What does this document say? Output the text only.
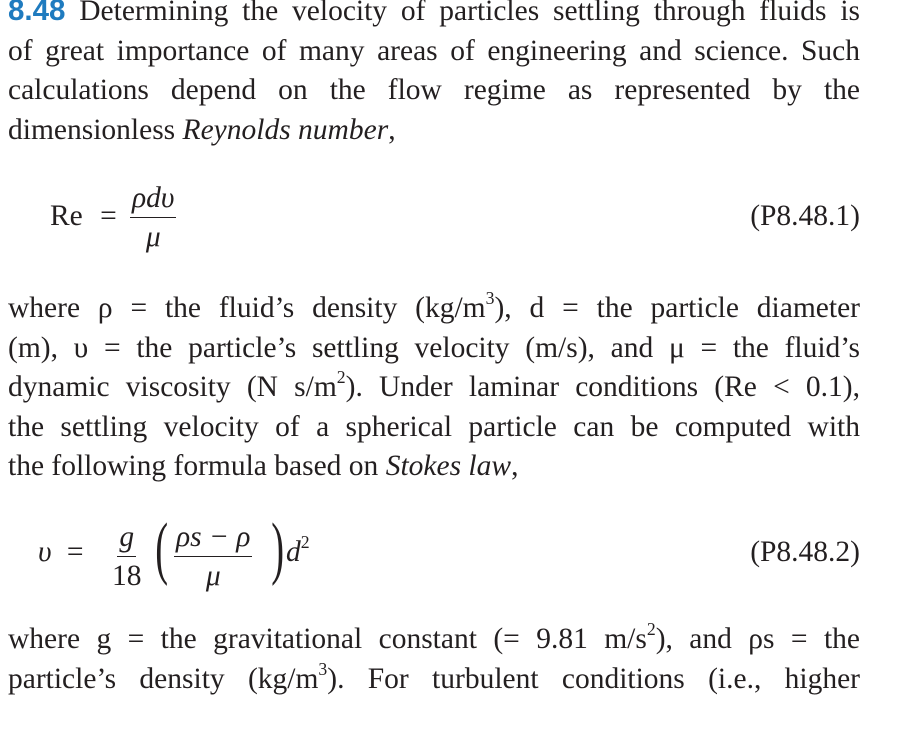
8.48 Determining the velocity of particles settling through fluids is
of great importance of many areas of engineering and science. Such
calculations depend on the flow regime as represented by the
dimensionless Reynolds number,
Re =
ρdυ
μ
(P8.48.1)
where ρ = the fluid’s density $(kg/m^3)$, d = the particle diameter
(m), υ = the particle’s settling velocity (m/s), and μ = the fluid’s
dynamic viscosity (N $s/m^2$). Under laminar conditions (Re < 0.1),
the settling velocity of a spherical particle can be computed with
the following formula based on Stokes law,
$\upsilon = \frac{g}{18}$ ( $\frac{\rho s - \rho}{\mu}$ ) $d^2$	(P8.48.2)
where g = the gravitational constant (= 9.81 $m/s^2$), and ρs = the
particle’s density $(kg/m^3)$. For turbulent conditions (i.e., higher
